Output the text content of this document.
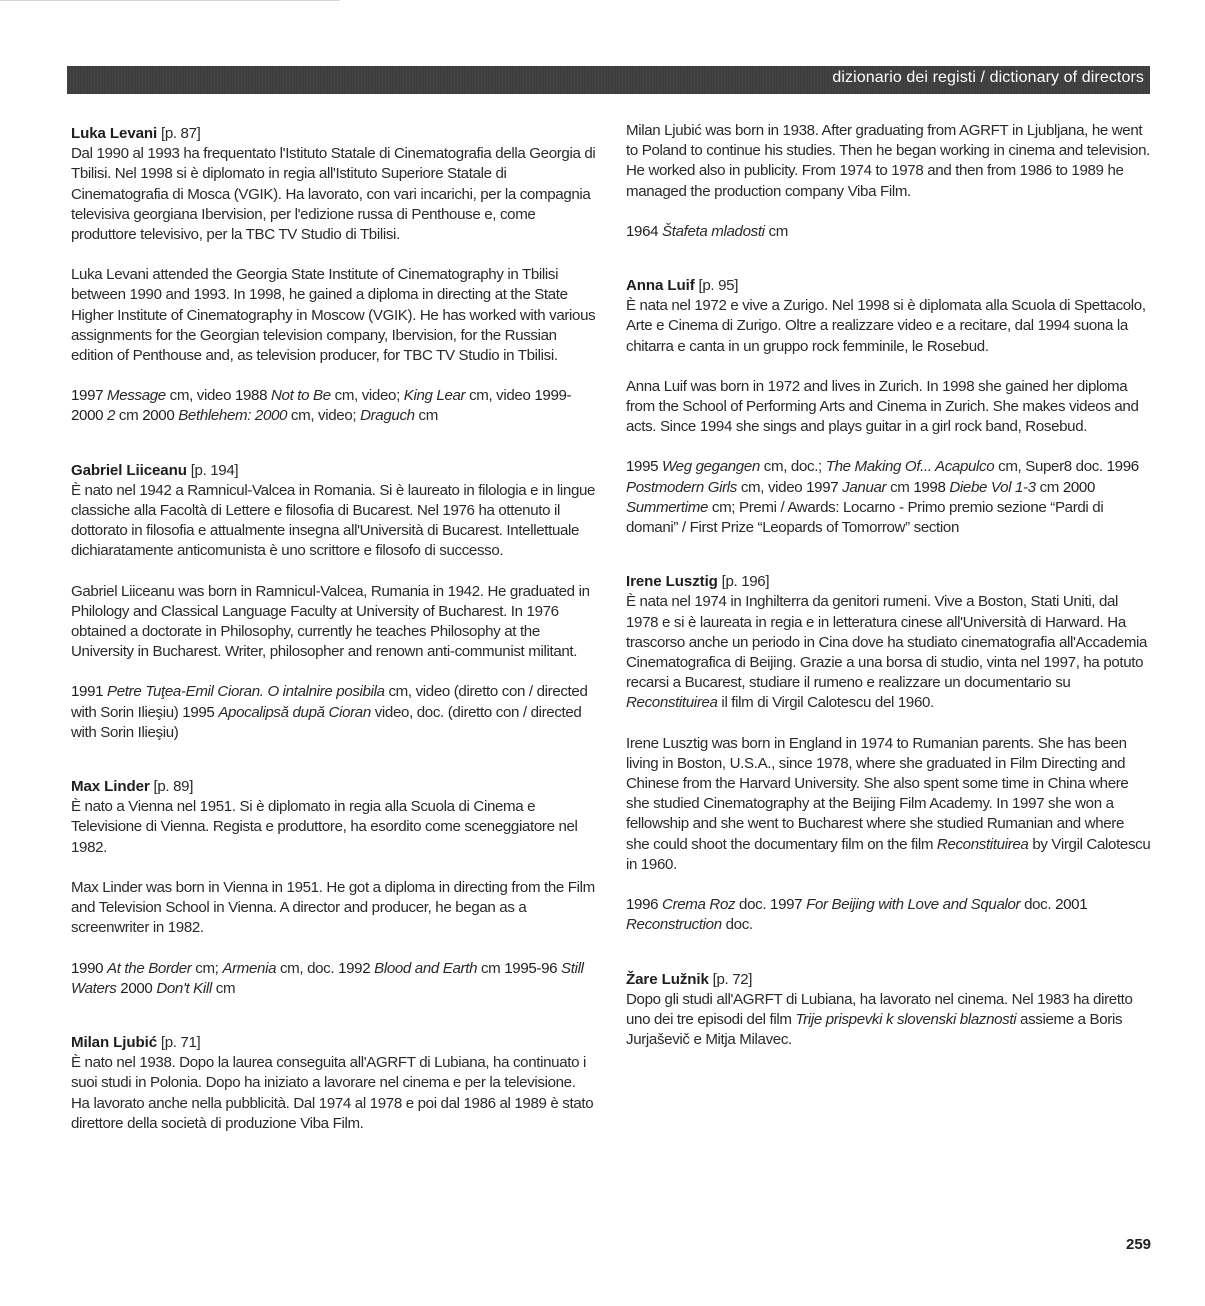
dizionario dei registi / dictionary of directors
Luka Levani [p. 87]

Dal 1990 al 1993 ha frequentato l'Istituto Statale di Cinematografia della Georgia di Tbilisi. Nel 1998 si è diplomato in regia all'Istituto Superiore Statale di Cinematografia di Mosca (VGIK). Ha lavorato, con vari incarichi, per la compagnia televisiva georgiana Ibervision, per l'edizione russa di Penthouse e, come produttore televisivo, per la TBC TV Studio di Tbilisi.

Luka Levani attended the Georgia State Institute of Cinematography in Tbilisi between 1990 and 1993. In 1998, he gained a diploma in directing at the State Higher Institute of Cinematography in Moscow (VGIK). He has worked with various assignments for the Georgian television company, Ibervision, for the Russian edition of Penthouse and, as television producer, for TBC TV Studio in Tbilisi.

1997 Message cm, video 1988 Not to Be cm, video; King Lear cm, video 1999-2000 2 cm 2000 Bethlehem: 2000 cm, video; Draguch cm

Gabriel Liiceanu [p. 194]

È nato nel 1942 a Ramnicul-Valcea in Romania. Si è laureato in filologia e in lingue classiche alla Facoltà di Lettere e filosofia di Bucarest. Nel 1976 ha ottenuto il dottorato in filosofia e attualmente insegna all'Università di Bucarest. Intellettuale dichiaratamente anticomunista è uno scrittore e filosofo di successo.

Gabriel Liiceanu was born in Ramnicul-Valcea, Rumania in 1942. He graduated in Philology and Classical Language Faculty at University of Bucharest. In 1976 obtained a doctorate in Philosophy, currently he teaches Philosophy at the University in Bucharest. Writer, philosopher and renown anti-communist militant.

1991 Petre Tuţea-Emil Cioran. O intalnire posibila cm, video (diretto con / directed with Sorin Ilieşiu) 1995 Apocalipsă după Cioran video, doc. (diretto con / directed with Sorin Ilieşiu)

Max Linder [p. 89]

È nato a Vienna nel 1951. Si è diplomato in regia alla Scuola di Cinema e Televisione di Vienna. Regista e produttore, ha esordito come sceneggiatore nel 1982.

Max Linder was born in Vienna in 1951. He got a diploma in directing from the Film and Television School in Vienna. A director and producer, he began as a screenwriter in 1982.

1990 At the Border cm; Armenia cm, doc. 1992 Blood and Earth cm 1995-96 Still Waters 2000 Don't Kill cm

Milan Ljubić [p. 71]

È nato nel 1938. Dopo la laurea conseguita all'AGRFT di Lubiana, ha continuato i suoi studi in Polonia. Dopo ha iniziato a lavorare nel cinema e per la televisione. Ha lavorato anche nella pubblicità. Dal 1974 al 1978 e poi dal 1986 al 1989 è stato direttore della società di produzione Viba Film.

Milan Ljubić was born in 1938. After graduating from AGRFT in Ljubljana, he went to Poland to continue his studies. Then he began working in cinema and television. He worked also in publicity. From 1974 to 1978 and then from 1986 to 1989 he managed the production company Viba Film.

1964 Štafeta mladosti cm

Anna Luif [p. 95]

È nata nel 1972 e vive a Zurigo. Nel 1998 si è diplomata alla Scuola di Spettacolo, Arte e Cinema di Zurigo. Oltre a realizzare video e a recitare, dal 1994 suona la chitarra e canta in un gruppo rock femminile, le Rosebud.

Anna Luif was born in 1972 and lives in Zurich. In 1998 she gained her diploma from the School of Performing Arts and Cinema in Zurich. She makes videos and acts. Since 1994 she sings and plays guitar in a girl rock band, Rosebud.

1995 Weg gegangen cm, doc.; The Making Of... Acapulco cm, Super8 doc. 1996 Postmodern Girls cm, video 1997 Januar cm 1998 Diebe Vol 1-3 cm 2000 Summertime cm; Premi / Awards: Locarno - Primo premio sezione “Pardi di domani” / First Prize “Leopards of Tomorrow” section

Irene Lusztig [p. 196]

È nata nel 1974 in Inghilterra da genitori rumeni. Vive a Boston, Stati Uniti, dal 1978 e si è laureata in regia e in letteratura cinese all'Università di Harward. Ha trascorso anche un periodo in Cina dove ha studiato cinematografia all'Accademia Cinematografica di Beijing. Grazie a una borsa di studio, vinta nel 1997, ha potuto recarsi a Bucarest, studiare il rumeno e realizzare un documentario su Reconstituirea il film di Virgil Calotescu del 1960.

Irene Lusztig was born in England in 1974 to Rumanian parents. She has been living in Boston, U.S.A., since 1978, where she graduated in Film Directing and Chinese from the Harvard University. She also spent some time in China where she studied Cinematography at the Beijing Film Academy. In 1997 she won a fellowship and she went to Bucharest where she studied Rumanian and where she could shoot the documentary film on the film Reconstituirea by Virgil Calotescu in 1960.

1996 Crema Roz doc. 1997 For Beijing with Love and Squalor doc. 2001 Reconstruction doc.

Žare Lužnik [p. 72]

Dopo gli studi all'AGRFT di Lubiana, ha lavorato nel cinema. Nel 1983 ha diretto uno dei tre episodi del film Trije prispevki k slovenski blaznosti assieme a Boris Jurjaševič e Mitja Milavec.

259
